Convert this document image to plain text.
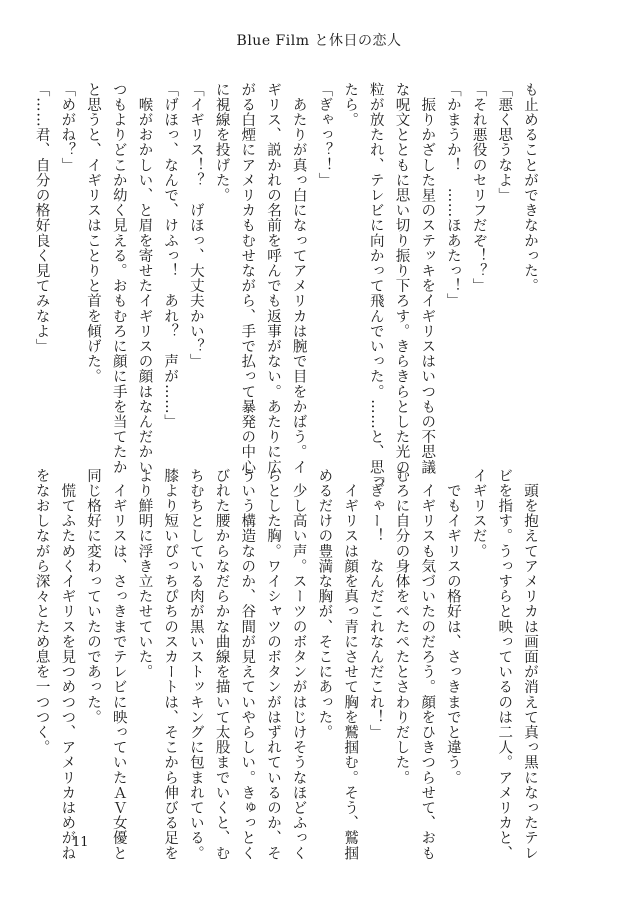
Blue Film と休日の恋人
も止めることができなかった。
「悪く思うなよ」
「それ悪役のセリフだぞ！？」
「かまうか！　……ほあたっ！」
　振りかざした星のステッキをイギリスはいつもの不思議
な呪文とともに思い切り振り下ろす。きらきらとした光の
粒が放たれ、テレビに向かって飛んでいった。……と、思っ
たら。
「ぎゃっ？！」
　あたりが真っ白になってアメリカは腕で目をかばう。イ
ギリス、説かれの名前を呼んでも返事がない。あたりに広
がる白煙にアメリカもむせながら、手で払って暴発の中心
に視線を投げた。
「イギリス！？　げほっ、大丈夫かい？」
「げほっ、なんで、けふっ！　あれ？　声が……」
　喉がおかしい、と眉を寄せたイギリスの顔はなんだかい
つもよりどこか幼く見える。おもむろに顔に手を当てたか
と思うと、イギリスはことりと首を傾げた。
「めがね？」
「……君、自分の格好良く見てみなよ」
　頭を抱えてアメリカは画面が消えて真っ黒になったテレ
ビを指す。うっすらと映っているのは二人。アメリカと、
イギリスだ。
　でもイギリスの格好は、さっきまでと違う。
　イギリスも気づいたのだろう。顔をひきつらせて、おも
むろに自分の身体をぺたぺたとさわりだした。
「ぎゃー！　なんだこれなんだこれ！」
　イギリスは顔を真っ青にさせて胸を鷲掴む。そう、鷲掴
めるだけの豊満な胸が、そこにあった。
　少し高い声。スーツのボタンがはじけそうなほどふっく
らとした胸。ワイシャツのボタンがはずれているのか、そ
ういう構造なのか、谷間が見えていやらしい。きゅっとく
びれた腰からなだらかな曲線を描いて太股までいくと、む
ちむちとしている肉が黒いストッキングに包まれている。
膝より短いぴっちぴちのスカートは、そこから伸びる足を
より鮮明に浮き立たせていた。
　イギリスは、さっきまでテレビに映っていたＡＶ女優と
同じ格好に変わっていたのであった。
　慌てふためくイギリスを見つめつつ、アメリカはめがね
をなおしながら深々とため息を一つつく。
11
